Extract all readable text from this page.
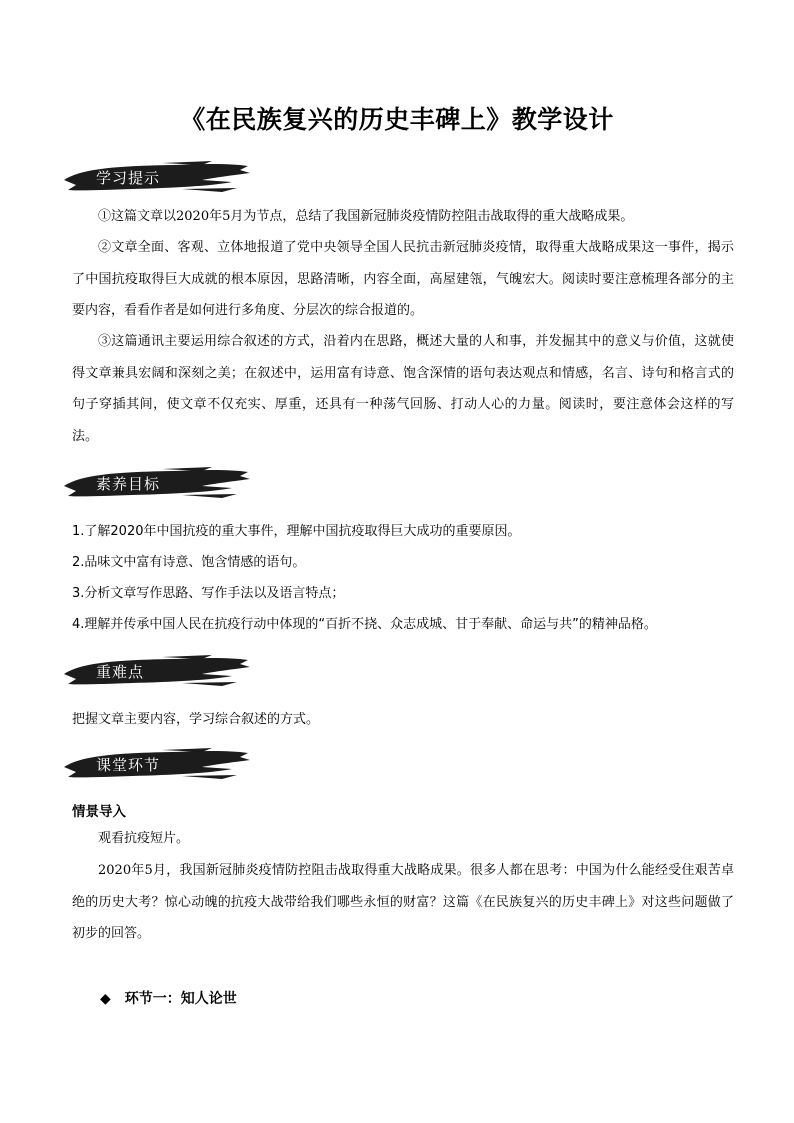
《在民族复兴的历史丰碑上》教学设计
学习提示
①这篇文章以2020年5月为节点，总结了我国新冠肺炎疫情防控阻击战取得的重大战略成果。
②文章全面、客观、立体地报道了党中央领导全国人民抗击新冠肺炎疫情，取得重大战略成果这一事件，揭示了中国抗疫取得巨大成就的根本原因，思路清晰，内容全面，高屋建瓴，气魄宏大。阅读时要注意梳理各部分的主要内容，看看作者是如何进行多角度、分层次的综合报道的。
③这篇通讯主要运用综合叙述的方式，沿着内在思路，概述大量的人和事，并发掘其中的意义与价值，这就使得文章兼具宏阔和深刻之美；在叙述中，运用富有诗意、饱含深情的语句表达观点和情感，名言、诗句和格言式的句子穿插其间，使文章不仅充实、厚重，还具有一种荡气回肠、打动人心的力量。阅读时，要注意体会这样的写法。
素养目标
1.了解2020年中国抗疫的重大事件，理解中国抗疫取得巨大成功的重要原因。
2.品味文中富有诗意、饱含情感的语句。
3.分析文章写作思路、写作手法以及语言特点；
4.理解并传承中国人民在抗疫行动中体现的“百折不挠、众志成城、甘于奉献、命运与共”的精神品格。
重难点
把握文章主要内容，学习综合叙述的方式。
课堂环节
情景导入
观看抗疫短片。
2020年5月，我国新冠肺炎疫情防控阻击战取得重大战略成果。很多人都在思考：中国为什么能经受住艰苦卓绝的历史大考？惊心动魄的抗疫大战带给我们哪些永恒的财富？这篇《在民族复兴的历史丰碑上》对这些问题做了初步的回答。
◆ 环节一：知人论世
